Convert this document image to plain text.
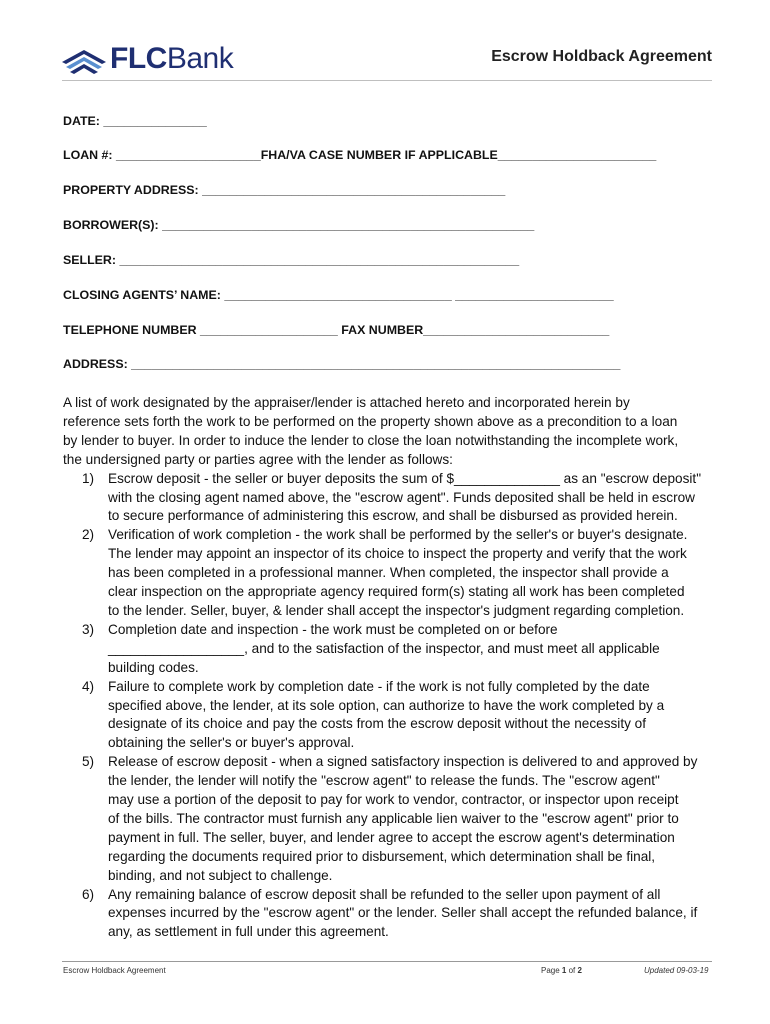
FLCBank	Escrow Holdback Agreement
DATE: _______________
LOAN #: _____________________FHA/VA CASE NUMBER IF APPLICABLE_______________________
PROPERTY ADDRESS: ____________________________________________
BORROWER(S): ______________________________________________________
SELLER: __________________________________________________________
CLOSING AGENTS’ NAME: _________________________________ _______________________
TELEPHONE NUMBER ____________________ FAX NUMBER___________________________
ADDRESS: _______________________________________________________________________
A list of work designated by the appraiser/lender is attached hereto and incorporated herein by
reference sets forth the work to be performed on the property shown above as a precondition to a loan
by lender to buyer. In order to induce the lender to close the loan notwithstanding the incomplete work,
the undersigned party or parties agree with the lender as follows:
1) Escrow deposit - the seller or buyer deposits the sum of $______________ as an "escrow deposit"
with the closing agent named above, the "escrow agent". Funds deposited shall be held in escrow
to secure performance of administering this escrow, and shall be disbursed as provided herein.
2) Verification of work completion - the work shall be performed by the seller's or buyer's designate.
The lender may appoint an inspector of its choice to inspect the property and verify that the work
has been completed in a professional manner. When completed, the inspector shall provide a
clear inspection on the appropriate agency required form(s) stating all work has been completed
to the lender. Seller, buyer, & lender shall accept the inspector's judgment regarding completion.
3) Completion date and inspection - the work must be completed on or before
__________________, and to the satisfaction of the inspector, and must meet all applicable
building codes.
4) Failure to complete work by completion date - if the work is not fully completed by the date
specified above, the lender, at its sole option, can authorize to have the work completed by a
designate of its choice and pay the costs from the escrow deposit without the necessity of
obtaining the seller's or buyer's approval.
5) Release of escrow deposit - when a signed satisfactory inspection is delivered to and approved by
the lender, the lender will notify the "escrow agent" to release the funds. The "escrow agent"
may use a portion of the deposit to pay for work to vendor, contractor, or inspector upon receipt
of the bills. The contractor must furnish any applicable lien waiver to the "escrow agent" prior to
payment in full. The seller, buyer, and lender agree to accept the escrow agent's determination
regarding the documents required prior to disbursement, which determination shall be final,
binding, and not subject to challenge.
6) Any remaining balance of escrow deposit shall be refunded to the seller upon payment of all
expenses incurred by the "escrow agent" or the lender. Seller shall accept the refunded balance, if
any, as settlement in full under this agreement.
Escrow Holdback Agreement	Page 1 of 2	Updated 09-03-19
